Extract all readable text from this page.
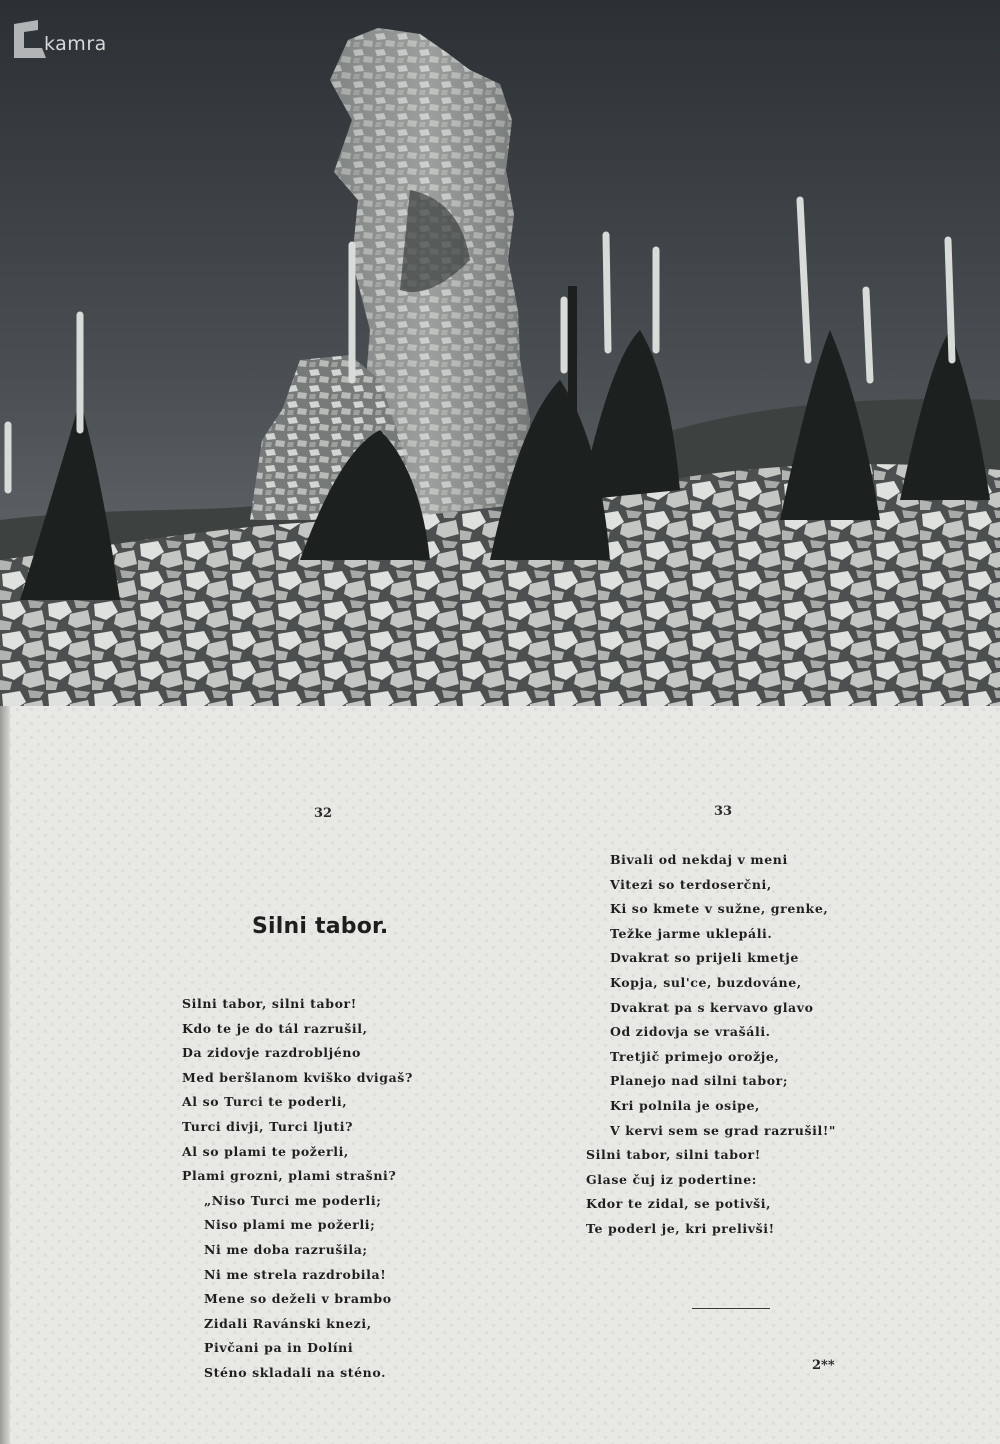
kamra
32	33
Silni tabor.
Silni tabor, silni tabor!
Kdo te je do tál razrušil,
Da zidovje razdrobljéno
Med beršlanom kviško dvigaš?
Al so Turci te poderli,
Turci divji, Turci ljuti?
Al so plami te požerli,
Plami grozni, plami strašni?
„Niso Turci me poderli;
Niso plami me požerli;
Ni me doba razrušila;
Ni me strela razdrobila!
Mene so deželi v brambo
Zidali Ravánski knezi,
Pivčani pa in Dolíni
Sténo skladali na sténo.
Bivali od nekdaj v meni
Vitezi so terdoserčni,
Ki so kmete v sužne, grenke,
Težke jarme uklepáli.
Dvakrat so prijeli kmetje
Kopja, sul'ce, buzdováne,
Dvakrat pa s kervavo glavo
Od zidovja se vrašáli.
Tretjič primejo orožje,
Planejo nad silni tabor;
Kri polnila je osipe,
V kervi sem se grad razrušil!"
Silni tabor, silni tabor!
Glase čuj iz podertine:
Kdor te zidal, se potivši,
Te poderl je, kri prelivši!
2**
